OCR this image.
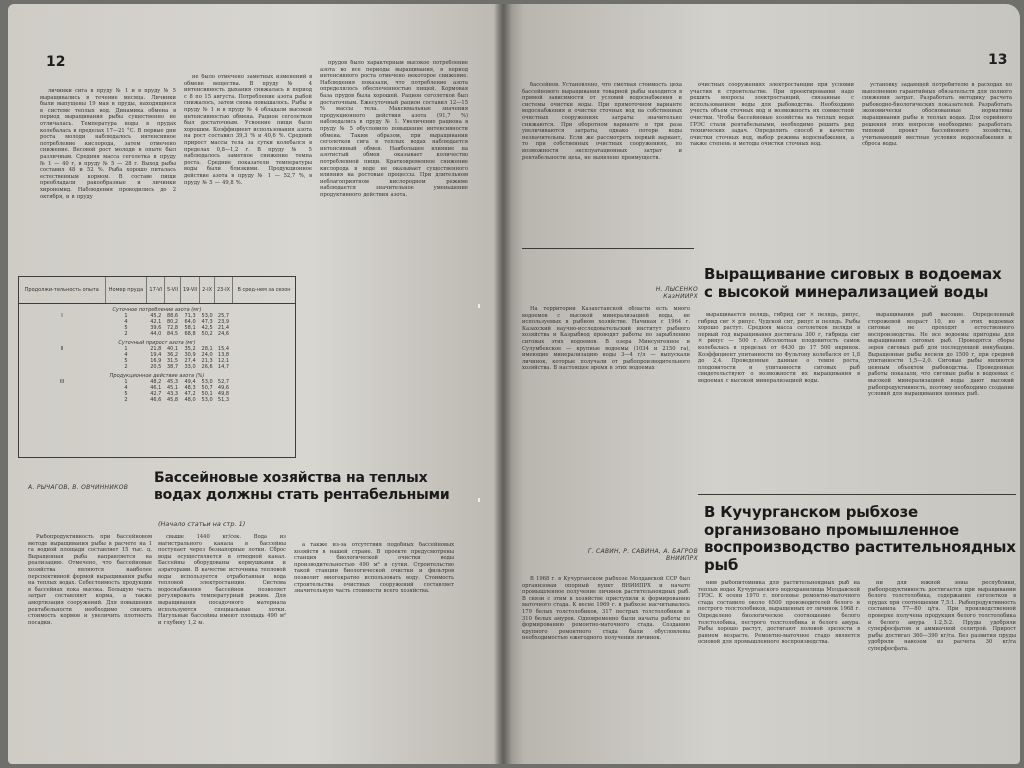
12

личинки сига в пруду № 1 и в пруду № 5 выращивались в течение месяца. Личинки были выпущены 19 мая в пруды, находящиеся в системе теплых вод. Динамика обмена в период выращивания рыбы существенно не отличалась. Температура воды в прудах колебалась в пределах 17—21 °С. В первые дни роста молоди наблюдалось интенсивное потребление кислорода, затем отмечено снижение. Весовой рост молоди в опыте был различным. Средняя масса сеголетка в пруду № 1 — 40 г, в пруду № 5 — 28 г. Выход рыбы составил 48 и 52 %. Рыба хорошо питалась естественным кормом. В составе пищи преобладали ракообразные и личинки хирономид. Наблюдения проводились до 2 октября, и в пруду

не было отмечено заметных изменений в обмене вещества. В пруду № 4 интенсивность дыхания снижалась в период с 8 по 15 августа. Потребление азота рыбой снижалось, затем снова повышалось. Рыбы в пруду № 1 и в пруду № 4 обладали высокой интенсивностью обмена. Рацион сеголетков был достаточным. Усвоение пищи было хорошим. Коэффициент использования азота на рост составил 39,3 % и 40,6 %. Средний прирост массы тела за сутки колебался в пределах 0,8—1,2 г. В пруду № 5 наблюдалось заметное снижение темпа роста. Средние показатели температуры воды были близкими. Продукционное действие азота в пруду № 1 — 52,7 %, в пруду № 5 — 49,8 %.

прудов было характерным высокое потребление азота во все периоды выращивания, в период интенсивного роста отмечено некоторое снижение. Наблюдения показали, что потребление азота определялось обеспеченностью пищей. Кормовая база прудов была хорошей. Рацион сеголетков был достаточным. Ежесуточный рацион составил 12—15 % массы тела. Максимальные значения продукционного действия азота (91,7 %) наблюдались в пруду № 1. Увеличение рациона в пруду № 5 обусловило повышение интенсивности обмена. Таким образом, при выращивании сеголетков сига в теплых водах наблюдается интенсивный обмен. Наибольшее влияние на азотистый обмен оказывает количество потребленной пищи. Кратковременное снижение кислорода в воде не оказывает существенного влияния на ростовые процессы. При длительном неблагоприятном кислородном режиме наблюдается значительное уменьшение продуктивного действия азота.

Продолжи-тельность опыта	Номер пруда	17-VI	5-VII	19-VII	2-IX	23-IX	В сред-нем за сезон
Суточное потребление азота (мг)							
I	1	45,2	88,6	71,3	53,0	25,7	
	4	42,1	80,2	64,0	47,3	23,9	
	5	39,6	72,8	58,1	42,5	21,4	
	2	44,0	84,5	68,8	50,2	24,6	
Суточный прирост азота (мг)							
II	1	21,8	40,1	35,2	28,1	15,4	
	4	19,4	36,2	30,9	24,0	13,8	
	5	16,9	31,5	27,4	21,3	12,1	
	2	20,5	38,7	33,0	26,6	14,7	
Продукционное действие азота (%)							
III	1	48,2	45,3	49,4	53,0	52,7	
	4	46,1	45,1	48,3	50,7	49,6	
	5	42,7	43,3	47,2	50,1	49,8	
	2	46,6	45,8	48,0	53,0	51,3	
А. РЫЧАГОВ, В. ОВЧИННИКОВ
Бассейновые хозяйства на теплых водах должны стать рентабельными
(Начало статьи на стр. 1)

Рыбопродуктивность при бассейновом методе выращивания рыбы в расчете на 1 га водной площади составляет 15 тыс. ц. Выращенная рыба направляется на реализацию. Отмечено, что бассейновые хозяйства являются наиболее перспективной формой выращивания рыбы на теплых водах. Себестоимость продукции в бассейнах пока высока. Большую часть затрат составляют корма, а также амортизация сооружений. Для повышения рентабельности необходимо снизить стоимость кормов и увеличить плотность посадки.

свыше 1440 кг/сек. Вода из магистрального канала в бассейны поступает через безнапорные лотки. Сброс воды осуществляется в отводной канал. Бассейны оборудованы кормушками и аэраторами. В качестве источника тепловой воды используется отработанная вода тепловой электростанции. Система водоснабжения бассейнов позволяет регулировать температурный режим. Для выращивания посадочного материала используются специальные лотки. Нагульные бассейны имеют площадь 490 м² и глубину 1,2 м.

а также из-за отсутствия подобных бассейновых хозяйств в нашей стране. В проекте предусмотрены станция биологической очистки воды производительностью 490 м³ в сутки. Строительство такой станции биологической очистки и фильтров позволит многократно использовать воду. Стоимость строительства очистных сооружений составляет значительную часть стоимости всего хозяйства.

13

бассейнов. Установлено, что сметная стоимость цеха бассейнового выращивания товарной рыбы находится в прямой зависимости от условий водоснабжения и системы очистки воды. При прямоточном варианте водоснабжения и очистке сточных вод на собственных очистных сооружениях затраты значительно снижаются. При оборотном варианте в три раза увеличиваются затраты, однако потери воды незначительны. Если же рассмотреть первый вариант, то при собственных очистных сооружениях, по возможности эксплуатационных затрат и рентабельности цеха, не выявлено преимуществ.

очистных сооружениях электростанции при условии участия в строительстве. При проектировании надо решить вопросы электростанций, связанные с использованием воды для рыбоводства. Необходимо учесть объем сточных вод и возможность их совместной очистки. Чтобы бассейновые хозяйства на теплых водах ГРЭС стали рентабельными, необходимо решить ряд технических задач. Определить способ и качество очистки сточных вод, выбор режима водоснабжения, а также степень и методы очистки сточных вод.

установку задающей потребителю в расходах по выполнению гарантийных обязательств для полного снижения затрат. Разработать методику расчета рыбоводно-биологических показателей. Разработать экономически обоснованные нормативы выращивания рыбы в теплых водах. Для серийного решения этих вопросов необходимо: разработать типовой проект бассейнового хозяйства, учитывающий местные условия водоснабжения и сброса воды.

Н. ЛЫСЕНКО
КазНИИРХ
Выращивание сиговых в водоемах с высокой минерализацией воды

На территории Казахстанской области есть много водоемов с высокой минерализацией воды, не используемых в рыбном хозяйстве. Начиная с 1964 г. Казахский научно-исследовательский институт рыбного хозяйства и Казрыбвод проводят работы по зарыблению сиговых этих водоемов. В озера Минсунгенное и Сулумбекское — крупные водоемы (1034 и 2150 га), имеющие минерализацию воды 3—4 г/л — выпускали личинок, которые получали от рыбопроизводительного хозяйства. В настоящее время в этих водоемах

выращивается пелядь, гибрид сиг × пелядь, рипус, гибрид сиг × рипус. Чудской сиг, рипус и пелядь. Рыбы хорошо растут. Средняя масса сеголетков пеляди в первый год выращивания достигала 300 г, гибрида сиг × рипус — 500 г. Абсолютная плодовитость самок колебалась в пределах от 6430 до 17 500 икринок. Коэффициент упитанности по Фультону колебался от 1,8 до 2,4. Проведенные данные о темпе роста, плодовитости и упитанности сиговых рыб свидетельствуют о возможности их выращивания в водоемах с высокой минерализацией воды.

выращивания рыб высокие. Определенный сторожевой возраст 10, но в этих водоемах сиговые не проходят естественного воспроизводства. Не все водоемы пригодны для выращивания сиговых рыб. Проводятся сборы зерен сиговых рыб для последующей инкубации. Выращенные рыбы весили до 1500 г, при средней упитанности 1,5—2,0. Сиговые рыбы являются ценным объектом рыбоводства. Проведенные работы показали, что сиговые рыбы в водоемах с высокой минерализацией воды дают высокий рыбопродуктивность, поэтому необходимо создание условий для выращивания ценных рыб.

В Кучурганском рыбхозе организовано промышленное воспроизводство растительноядных рыб
Г. САВИН, Р. САВИНА, А. БАГРОВ
ВНИИПРХ

В 1968 г. в Кучурганском рыбхозе Молдавской ССР был организован опорный пункт ВНИИПРХ и начато промышленное получение личинок растительноядных рыб. В связи с этим в хозяйстве приступили к формированию маточного стада. К весне 1969 г. в рыбхозе насчитывалось 179 белых толстолобиков, 317 пестрых толстолобиков и 310 белых амуров. Одновременно были начаты работы по формированию ремонтно-маточного стада. Созданию крупного ремонтного стада были обусловлены необходимостью ежегодного получения личинок.

ним рыбопитомника для растительноядных рыб на теплых водах Кучурганского водохранилища Молдавской ГРЭС. К осени 1970 г. поголовье ремонтно-маточного стада составило около 6500 производителей белого и пестрого толстолобиков, выращенных от личинок 1968 г. Определено биологическое соотношение белого толстолобика, пестрого толстолобика и белого амура. Рыбы хорошо растут, достигают половой зрелости в раннем возрасте. Ремонтно-маточное стадо является основой для промышленного воспроизводства.

ни для южной зоны республики, рыбопродуктивность достигается при выращивании белого толстолобика, содержание сеголетков в прудах при соотношении 7,5:1. Рыбопродуктивность составила 77—80 ц/га. При производственной проверке получена продукция белого толстолобика и белого амура 1:2,5:2. Пруды удобряли суперфосфатом и аммиачной селитрой. Прирост рыбы достигал 360—390 кг/га. Без развития пруды удобряли навозом из расчета 30 кг/га суперфосфата.
